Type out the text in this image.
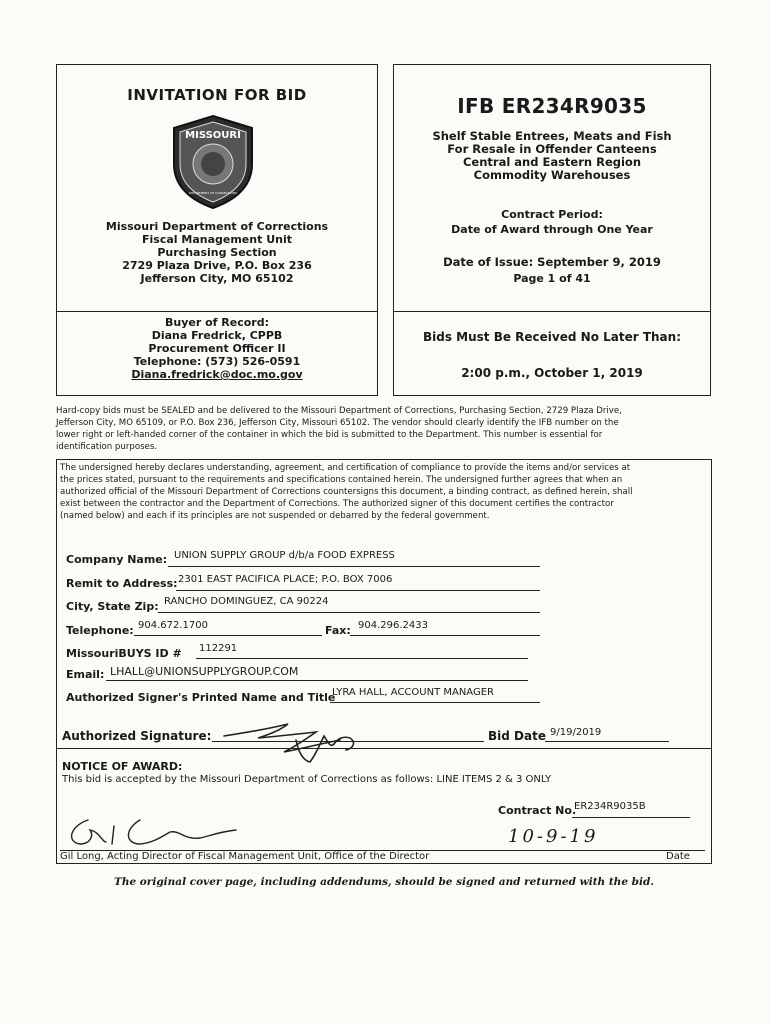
INVITATION FOR BID
MISSOURI
DEPARTMENT OF CORRECTIONS
Missouri Department of Corrections
Fiscal Management Unit
Purchasing Section
2729 Plaza Drive, P.O. Box 236
Jefferson City, MO 65102
Buyer of Record:
Diana Fredrick, CPPB
Procurement Officer II
Telephone: (573) 526-0591
Diana.fredrick@doc.mo.gov
IFB ER234R9035
Shelf Stable Entrees, Meats and Fish
For Resale in Offender Canteens
Central and Eastern Region
Commodity Warehouses
Contract Period:
Date of Award through One Year
Date of Issue: September 9, 2019
Page 1 of 41
Bids Must Be Received No Later Than:
2:00 p.m., October 1, 2019
Hard-copy bids must be SEALED and be delivered to the Missouri Department of Corrections, Purchasing Section, 2729 Plaza Drive,
Jefferson City, MO 65109, or P.O. Box 236, Jefferson City, Missouri 65102. The vendor should clearly identify the IFB number on the
lower right or left-handed corner of the container in which the bid is submitted to the Department. This number is essential for
identification purposes.
The undersigned hereby declares understanding, agreement, and certification of compliance to provide the items and/or services at
the prices stated, pursuant to the requirements and specifications contained herein. The undersigned further agrees that when an
authorized official of the Missouri Department of Corrections countersigns this document, a binding contract, as defined herein, shall
exist between the contractor and the Department of Corrections. The authorized signer of this document certifies the contractor
(named below) and each if its principles are not suspended or debarred by the federal government.
Company Name: UNION SUPPLY GROUP d/b/a FOOD EXPRESS
Remit to Address: 2301 EAST PACIFICA PLACE; P.O. BOX 7006
City, State Zip: RANCHO DOMINGUEZ, CA 90224
Telephone: 904.672.1700	Fax: 904.296.2433
MissouriBUYS ID # 112291
Email: LHALL@UNIONSUPPLYGROUP.COM
Authorized Signer's Printed Name and Title
LYRA HALL, ACCOUNT MANAGER
Authorized Signature:	Bid Date 9/19/2019
NOTICE OF AWARD:
This bid is accepted by the Missouri Department of Corrections as follows: LINE ITEMS 2 & 3 ONLY
Contract No.
ER234R9035B
10-9-19
Gil Long, Acting Director of Fiscal Management Unit, Office of the Director	Date
The original cover page, including addendums, should be signed and returned with the bid.
